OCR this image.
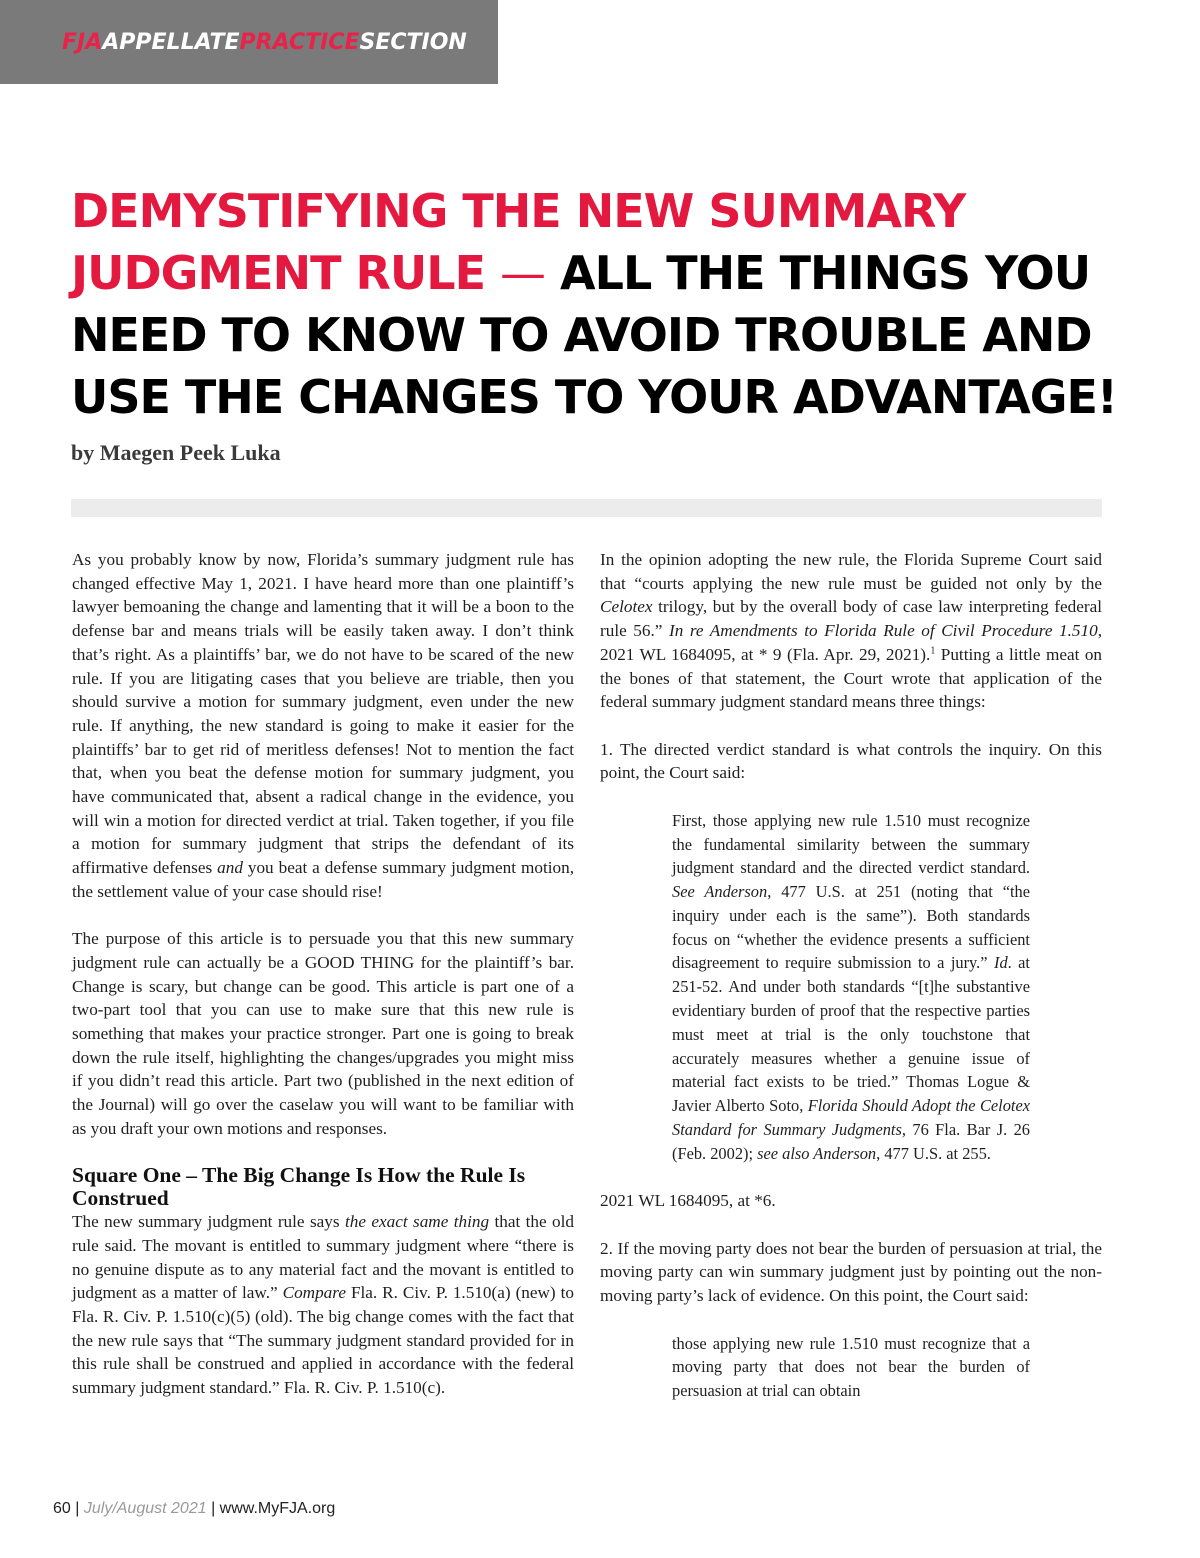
FJAAPPELLATEPRACTICESECTION
DEMYSTIFYING THE NEW SUMMARY
JUDGMENT RULE — ALL THE THINGS YOU
NEED TO KNOW TO AVOID TROUBLE AND
USE THE CHANGES TO YOUR ADVANTAGE!

by Maegen Peek Luka

As you probably know by now, Florida’s summary judgment rule has changed effective May 1, 2021. I have heard more than one plaintiff’s lawyer bemoaning the change and lamenting that it will be a boon to the defense bar and means trials will be easily taken away. I don’t think that’s right. As a plaintiffs’ bar, we do not have to be scared of the new rule. If you are litigating cases that you believe are triable, then you should survive a motion for summary judgment, even under the new rule. If anything, the new standard is going to make it easier for the plaintiffs’ bar to get rid of meritless defenses! Not to mention the fact that, when you beat the defense motion for summary judgment, you have communicated that, absent a radical change in the evidence, you will win a motion for directed verdict at trial. Taken together, if you file a motion for summary judgment that strips the defendant of its affirmative defenses and you beat a defense summary judgment motion, the settlement value of your case should rise!

The purpose of this article is to persuade you that this new summary judgment rule can actually be a GOOD THING for the plaintiff’s bar. Change is scary, but change can be good. This article is part one of a two-part tool that you can use to make sure that this new rule is something that makes your practice stronger. Part one is going to break down the rule itself, highlighting the changes/upgrades you might miss if you didn’t read this article. Part two (published in the next edition of the Journal) will go over the caselaw you will want to be familiar with as you draft your own motions and responses.

Square One – The Big Change Is How the Rule Is Construed

The new summary judgment rule says the exact same thing that the old rule said. The movant is entitled to summary judgment where “there is no genuine dispute as to any material fact and the movant is entitled to judgment as a matter of law.” Compare Fla. R. Civ. P. 1.510(a) (new) to Fla. R. Civ. P. 1.510(c)(5) (old). The big change comes with the fact that the new rule says that “The summary judgment standard provided for in this rule shall be construed and applied in accordance with the federal summary judgment standard.” Fla. R. Civ. P. 1.510(c).

In the opinion adopting the new rule, the Florida Supreme Court said that “courts applying the new rule must be guided not only by the Celotex trilogy, but by the overall body of case law interpreting federal rule 56.” In re Amendments to Florida Rule of Civil Procedure 1.510, 2021 WL 1684095, at * 9 (Fla. Apr. 29, 2021).$^1$ Putting a little meat on the bones of that statement, the Court wrote that application of the federal summary judgment standard means three things:

1. The directed verdict standard is what controls the inquiry. On this point, the Court said:

First, those applying new rule 1.510 must recognize the fundamental similarity between the summary judgment standard and the directed verdict standard. See Anderson, 477 U.S. at 251 (noting that “the inquiry under each is the same”). Both standards focus on “whether the evidence presents a sufficient disagreement to require submission to a jury.” Id. at 251-52. And under both standards “[t]he substantive evidentiary burden of proof that the respective parties must meet at trial is the only touchstone that accurately measures whether a genuine issue of material fact exists to be tried.” Thomas Logue & Javier Alberto Soto, Florida Should Adopt the Celotex Standard for Summary Judgments, 76 Fla. Bar J. 26 (Feb. 2002); see also Anderson, 477 U.S. at 255.

2021 WL 1684095, at *6.

2. If the moving party does not bear the burden of persuasion at trial, the moving party can win summary judgment just by pointing out the non-moving party’s lack of evidence. On this point, the Court said:

those applying new rule 1.510 must recognize that a moving party that does not bear the burden of persuasion at trial can obtain
60 | July/August 2021 | www.MyFJA.org
